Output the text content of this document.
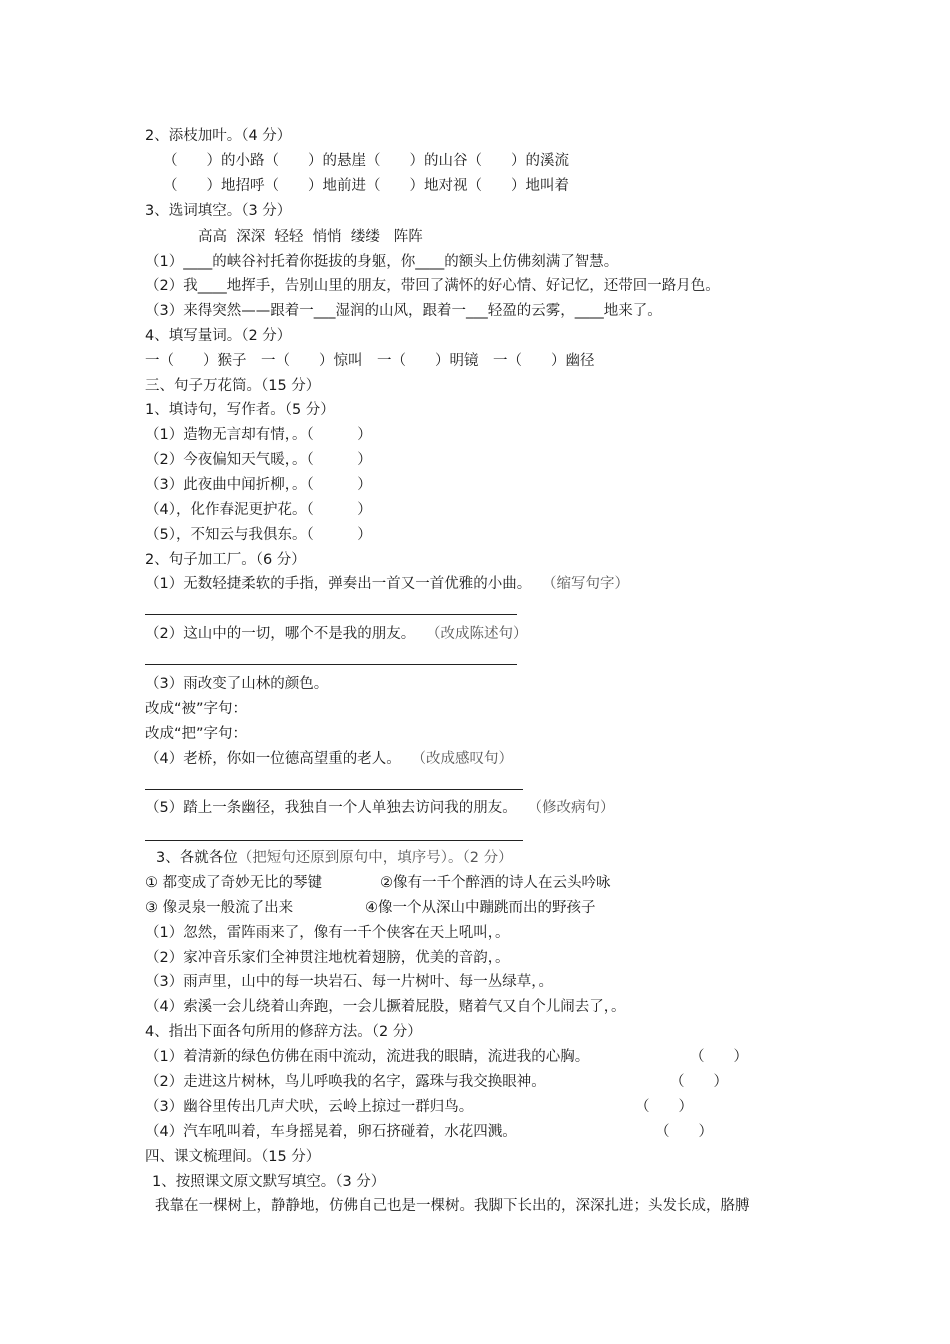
2、添枝加叶。（4 分）
（　　）的小路（　　）的悬崖（　　）的山谷（　　）的溪流
（　　）地招呼（　　）地前进（　　）地对视（　　）地叫着
3、选词填空。（3 分）
高高  深深  轻轻  悄悄  缕缕   阵阵
（1）____的峡谷衬托着你挺拔的身躯，你____的额头上仿佛刻满了智慧。
（2）我____地挥手，告别山里的朋友，带回了满怀的好心情、好记忆，还带回一路月色。
（3）来得突然——跟着一___湿润的山风，跟着一___轻盈的云雾，____地来了。
4、填写量词。（2 分）
一（　　）猴子　一（　　）惊叫　一（　　）明镜　一（　　）幽径
三、句子万花筒。（15 分）
1、填诗句，写作者。（5 分）
（1）造物无言却有情，。（　　　）
（2）今夜偏知天气暖，。（　　　）
（3）此夜曲中闻折柳，。（　　　）
（4），化作春泥更护花。（　　　）
（5），不知云与我俱东。（　　　）
2、句子加工厂。（6 分）
（1）无数轻捷柔软的手指，弹奏出一首又一首优雅的小曲。 （缩写句字）
（2）这山中的一切，哪个不是我的朋友。 （改成陈述句）
（3）雨改变了山林的颜色。
改成“被”字句：
改成“把”字句：
（4）老桥，你如一位德高望重的老人。 （改成感叹句）
（5）踏上一条幽径，我独自一个人单独去访问我的朋友。 （修改病句）
3、各就各位（把短句还原到原句中，填序号）。（2 分）
① 都变成了奇妙无比的琴键	②像有一千个醉酒的诗人在云头吟咏
③ 像灵泉一般流了出来	④像一个从深山中蹦跳而出的野孩子
（1）忽然，雷阵雨来了，像有一千个侠客在天上吼叫，。
（2）家冲音乐家们全神贯注地枕着翅膀，优美的音韵，。
（3）雨声里，山中的每一块岩石、每一片树叶、每一丛绿草，。
（4）索溪一会儿绕着山奔跑，一会儿撅着屁股，赌着气又自个儿闹去了，。
4、指出下面各句所用的修辞方法。（2 分）
（1）着清新的绿色仿佛在雨中流动，流进我的眼睛，流进我的心胸。	（　　）
（2）走进这片树林，鸟儿呼唤我的名字，露珠与我交换眼神。	（　　）
（3）幽谷里传出几声犬吠，云岭上掠过一群归鸟。	（　　）
（4）汽车吼叫着，车身摇晃着，卵石挤碰着，水花四溅。	（　　）
四、课文梳理间。（15 分）
1、按照课文原文默写填空。（3 分）
我靠在一棵树上，静静地，仿佛自己也是一棵树。我脚下长出的，深深扎进；头发长成，胳膊
